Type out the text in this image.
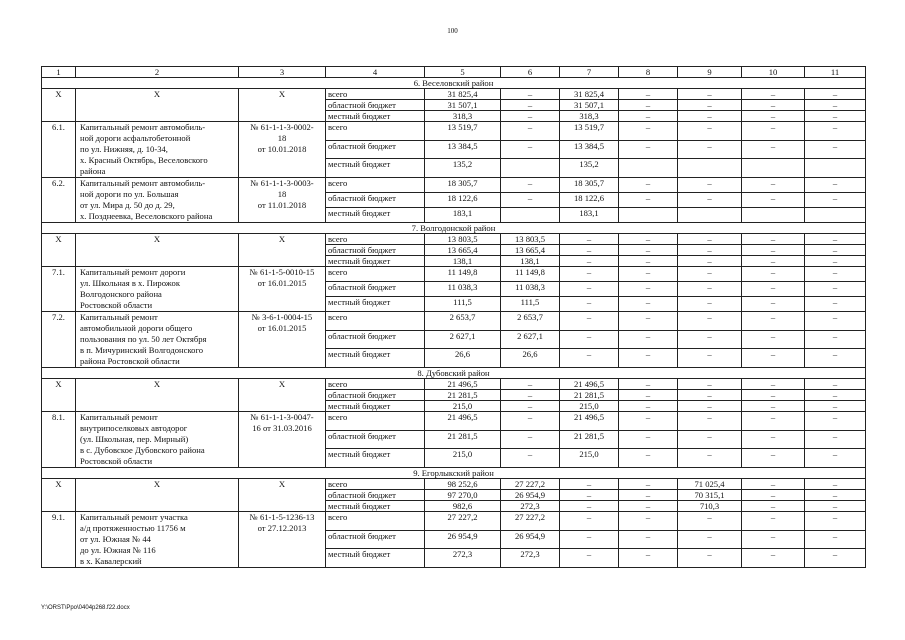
100
1	2	3	4	5	6	7	8	9	10	11
6. Веселовский район										
X	X	X	всего	31 825,4	–	31 825,4	–	–	–	–
			областной бюджет	31 507,1	–	31 507,1	–	–	–	–
			местный бюджет	318,3	–	318,3	–	–	–	–
6.1.	Капитальный ремонт автомобиль-
ной дороги асфальтобетонной
по ул. Нижняя, д. 10-34,
х. Красный Октябрь, Веселовского
района	№ 61-1-1-3-0002-
18
от 10.01.2018	всего	13 519,7	–	13 519,7	–	–	–	–
			областной бюджет	13 384,5	–	13 384,5	–	–	–	–
			местный бюджет	135,2		135,2				
6.2.	Капитальный ремонт автомобиль-
ной дороги по ул. Большая
от ул. Мира д. 50 до д. 29,
х. Позднеевка, Веселовского района	№ 61-1-1-3-0003-
18
от 11.01.2018	всего	18 305,7	–	18 305,7	–	–	–	–
			областной бюджет	18 122,6	–	18 122,6	–	–	–	–
			местный бюджет	183,1		183,1				
7. Волгодонской район										
X	X	X	всего	13 803,5	13 803,5	–	–	–	–	–
			областной бюджет	13 665,4	13 665,4	–	–	–	–	–
			местный бюджет	138,1	138,1	–	–	–	–	–
7.1.	Капитальный ремонт дороги
ул. Школьная в х. Пирожок
Волгодонского района
Ростовской области	№ 61-1-5-0010-15
от 16.01.2015	всего	11 149,8	11 149,8	–	–	–	–	–
			областной бюджет	11 038,3	11 038,3	–	–	–	–	–
			местный бюджет	111,5	111,5	–	–	–	–	–
7.2.	Капитальный ремонт
автомобильной дороги общего
пользования по ул. 50 лет Октября
в п. Мичуринский Волгодонского
района Ростовской области	№ 3-6-1-0004-15
от 16.01.2015	всего	2 653,7	2 653,7	–	–	–	–	–
			областной бюджет	2 627,1	2 627,1	–	–	–	–	–
			местный бюджет	26,6	26,6	–	–	–	–	–
8. Дубовский район										
X	X	X	всего	21 496,5	–	21 496,5	–	–	–	–
			областной бюджет	21 281,5	–	21 281,5	–	–	–	–
			местный бюджет	215,0	–	215,0	–	–	–	–
8.1.	Капитальный ремонт
внутрипоселковых автодорог
(ул. Школьная, пер. Мирный)
в с. Дубовское Дубовского района
Ростовской области	№ 61-1-1-3-0047-
16 от 31.03.2016	всего	21 496,5	–	21 496,5	–	–	–	–
			областной бюджет	21 281,5	–	21 281,5	–	–	–	–
			местный бюджет	215,0	–	215,0	–	–	–	–
9. Егорлыкский район										
X	X	X	всего	98 252,6	27 227,2	–	–	71 025,4	–	–
			областной бюджет	97 270,0	26 954,9	–	–	70 315,1	–	–
			местный бюджет	982,6	272,3	–	–	710,3	–	–
9.1.	Капитальный ремонт участка
а/д протяженностью 11756 м
от ул. Южная № 44
до ул. Южная № 116
в х. Кавалерский	№ 61-1-5-1236-13
от 27.12.2013	всего	27 227,2	27 227,2	–	–	–	–	–
			областной бюджет	26 954,9	26 954,9	–	–	–	–	–
			местный бюджет	272,3	272,3	–	–	–	–	–
Y:\ORST\Ppo\0404p268.f22.docx
